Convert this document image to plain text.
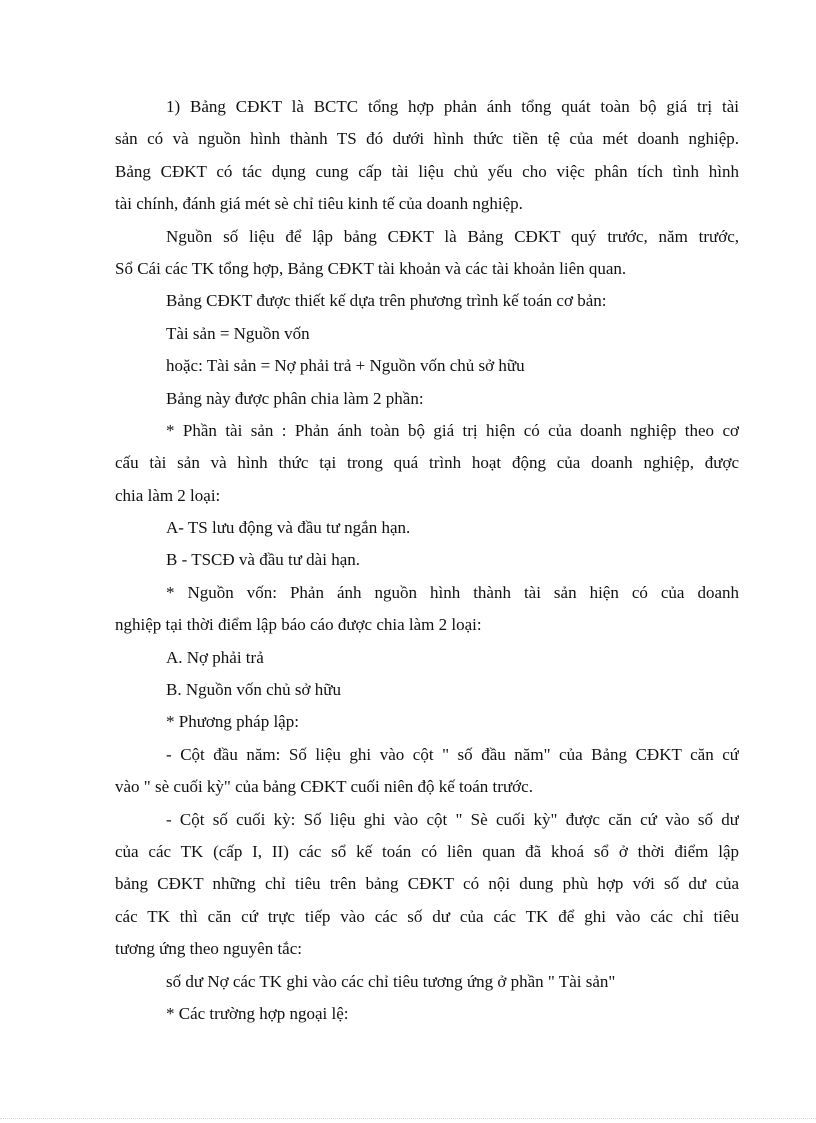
1) Bảng CĐKT là BCTC tổng hợp phản ánh tổng quát toàn bộ giá trị tài
sản có và nguồn hình thành TS đó dưới hình thức tiền tệ của mét doanh nghiệp.
Bảng CĐKT có tác dụng cung cấp tài liệu chủ yếu cho việc phân tích tình hình
tài chính, đánh giá mét sè chỉ tiêu kinh tế của doanh nghiệp.
Nguồn số liệu để lập bảng CĐKT là Bảng CĐKT quý trước, năm trước,
Sổ Cái các TK tổng hợp, Bảng CĐKT tài khoản và các tài khoản liên quan.
Bảng CĐKT được thiết kế dựa trên phương trình kế toán cơ bản:
Tài sản = Nguồn vốn
hoặc: Tài sản = Nợ phải trả + Nguồn vốn chủ sở hữu
Bảng này được phân chia làm 2 phần:
* Phần tài sản : Phản ánh toàn bộ giá trị hiện có của doanh nghiệp theo cơ
cấu tài sản và hình thức tại trong quá trình hoạt động của doanh nghiệp, được
chia làm 2 loại:
A- TS lưu động và đầu tư ngắn hạn.
B - TSCĐ và đầu tư dài hạn.
* Nguồn vốn: Phản ánh nguồn hình thành tài sản hiện có của doanh
nghiệp tại thời điểm lập báo cáo được chia làm 2 loại:
A. Nợ phải trả
B. Nguồn vốn chủ sở hữu
* Phương pháp lập:
- Cột đầu năm: Số liệu ghi vào cột " số đầu năm" của Bảng CĐKT căn cứ
vào " sè cuối kỳ" của bảng CĐKT cuối niên độ kế toán trước.
- Cột số cuối kỳ: Số liệu ghi vào cột " Sè cuối kỳ" được căn cứ vào số dư
của các TK (cấp I, II) các sổ kế toán có liên quan đã khoá sổ ở thời điểm lập
bảng CĐKT những chỉ tiêu trên bảng CĐKT có nội dung phù hợp với số dư của
các TK thì căn cứ trực tiếp vào các số dư của các TK để ghi vào các chỉ tiêu
tương ứng theo nguyên tắc:
số dư Nợ các TK ghi vào các chỉ tiêu tương ứng ở phần " Tài sản"
* Các trường hợp ngoại lệ:
